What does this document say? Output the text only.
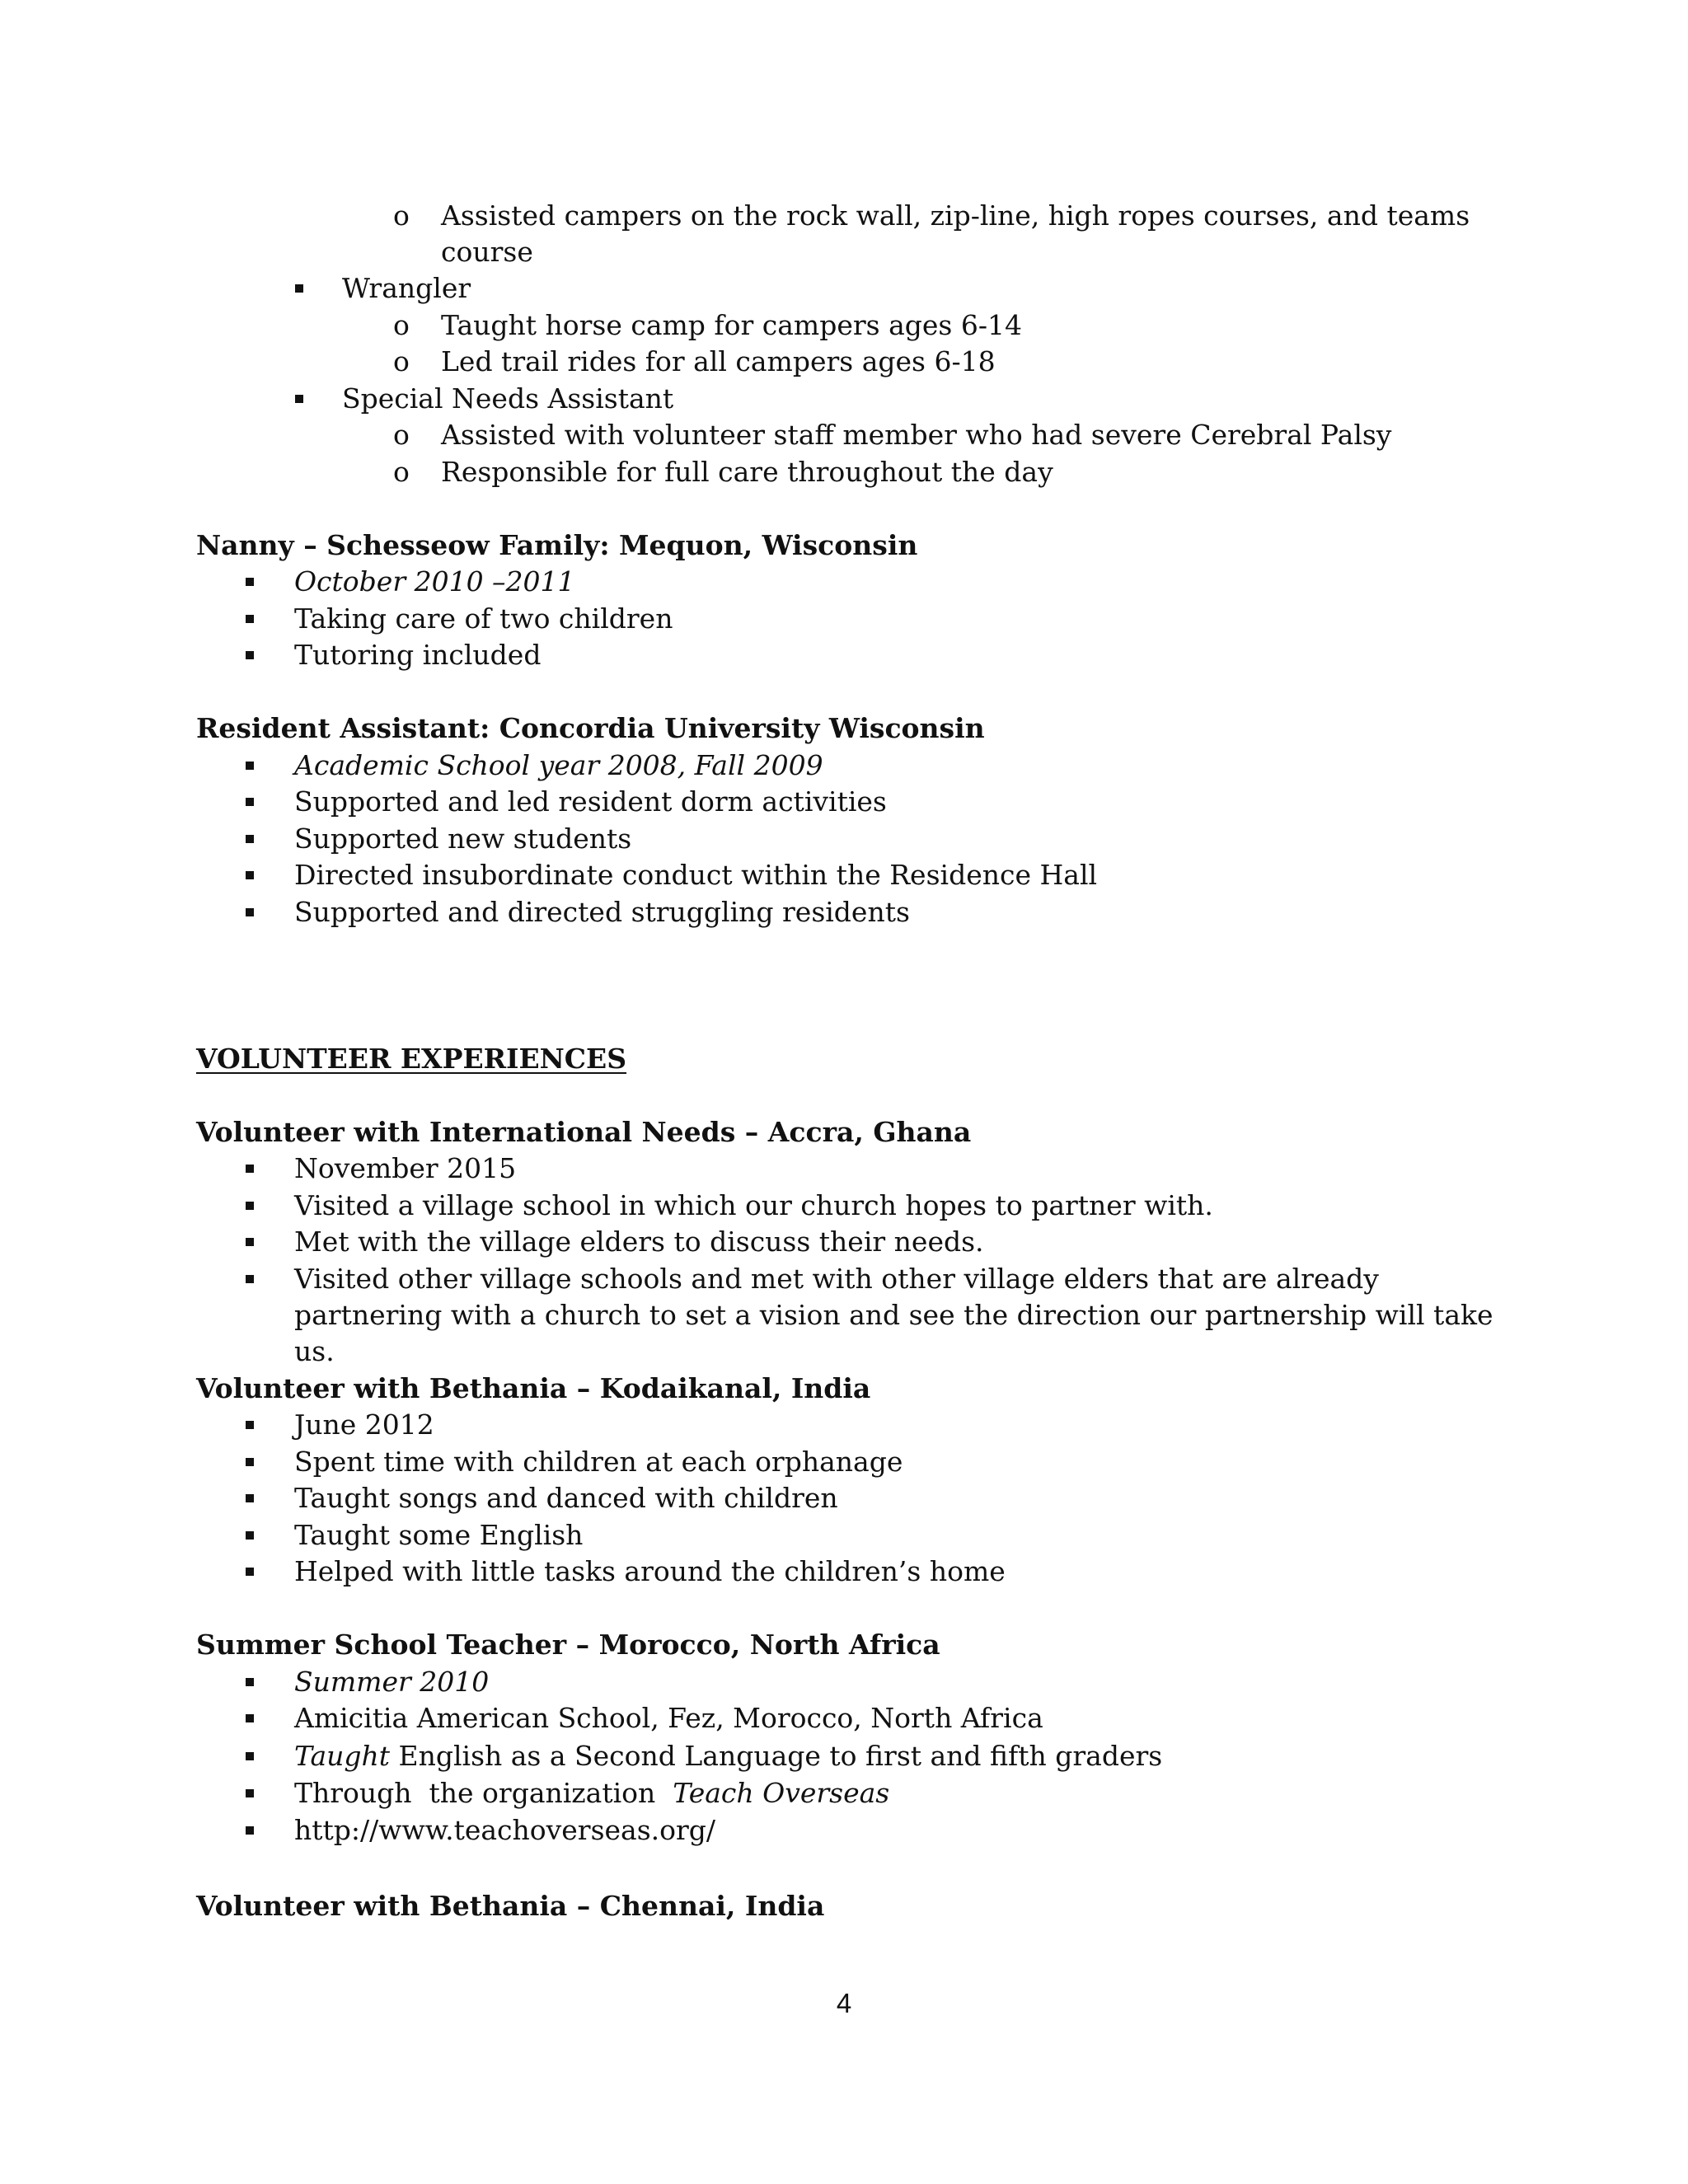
o Assisted campers on the rock wall, zip-line, high ropes courses, and teams
course
Wrangler
o Taught horse camp for campers ages 6-14
o Led trail rides for all campers ages 6-18
Special Needs Assistant
o Assisted with volunteer staff member who had severe Cerebral Palsy
o Responsible for full care throughout the day
Nanny – Schesseow Family: Mequon, Wisconsin
October 2010 –2011
Taking care of two children
Tutoring included
Resident Assistant: Concordia University Wisconsin
Academic School year 2008, Fall 2009
Supported and led resident dorm activities
Supported new students
Directed insubordinate conduct within the Residence Hall
Supported and directed struggling residents
VOLUNTEER EXPERIENCES
Volunteer with International Needs – Accra, Ghana
November 2015
Visited a village school in which our church hopes to partner with.
Met with the village elders to discuss their needs.
Visited other village schools and met with other village elders that are already
partnering with a church to set a vision and see the direction our partnership will take
us.
Volunteer with Bethania – Kodaikanal, India
June 2012
Spent time with children at each orphanage
Taught songs and danced with children
Taught some English
Helped with little tasks around the children’s home
Summer School Teacher – Morocco, North Africa
Summer 2010
Amicitia American School, Fez, Morocco, North Africa
Taught English as a Second Language to first and fifth graders
Through  the organization  Teach Overseas
http://www.teachoverseas.org/
Volunteer with Bethania – Chennai, India
4
